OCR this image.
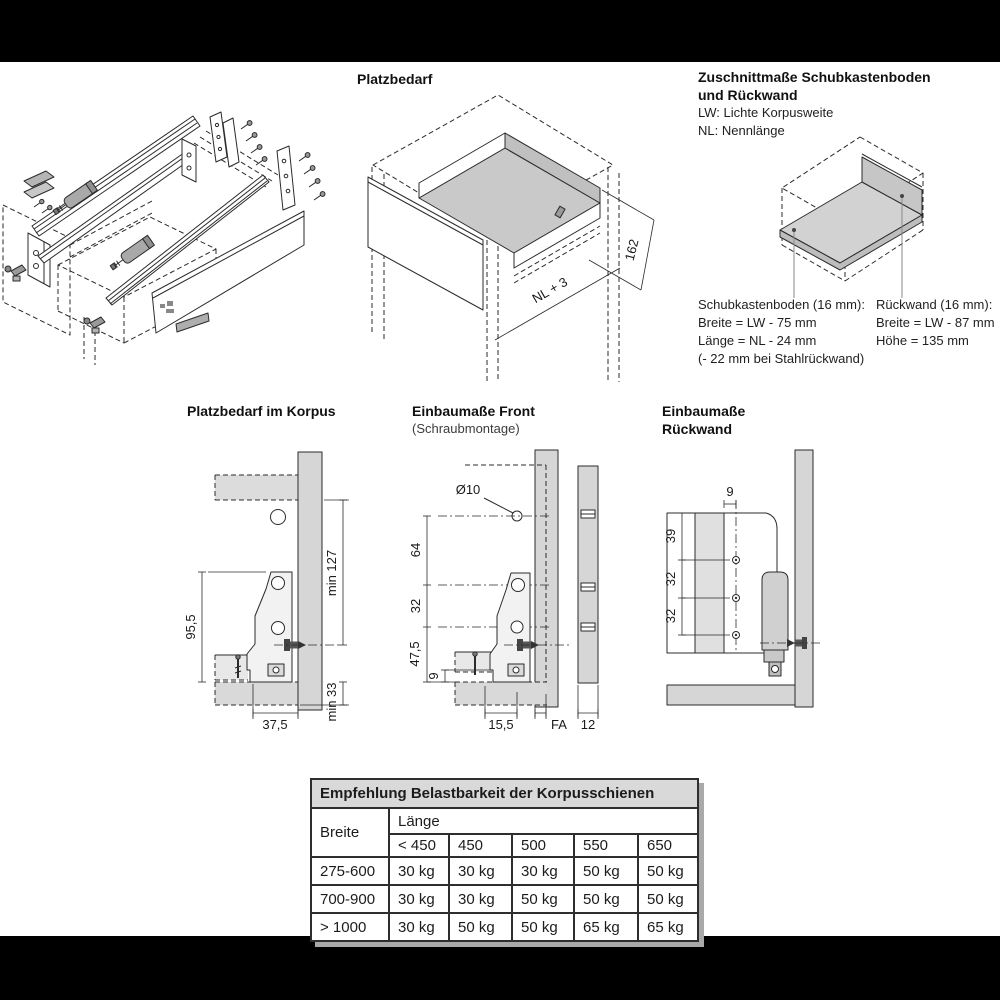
Platzbedarf
162
NL + 3
Zuschnittmaße Schubkastenboden
und Rückwand
LW: Lichte Korpusweite
NL: Nennlänge
Schubkastenboden (16 mm):
Breite = LW - 75 mm
Länge = NL - 24 mm
(- 22 mm bei Stahlrückwand)
Rückwand (16 mm):
Breite = LW - 87 mm
Höhe = 135 mm
Platzbedarf im Korpus	Einbaumaße Front
(Schraubmontage)
Einbaumaße
Rückwand
95,5
min 127
min 33
37,5
Ø10
64
32
47,5
9
15,5	FA 12
9
39
32
32
Empfehlung Belastbarkeit der Korpusschienen					
Breite	Länge				
	< 450	450	500	550	650
275-600	30 kg	30 kg	30 kg	50 kg	50 kg
700-900	30 kg	30 kg	50 kg	50 kg	50 kg
> 1000	30 kg	50 kg	50 kg	65 kg	65 kg
